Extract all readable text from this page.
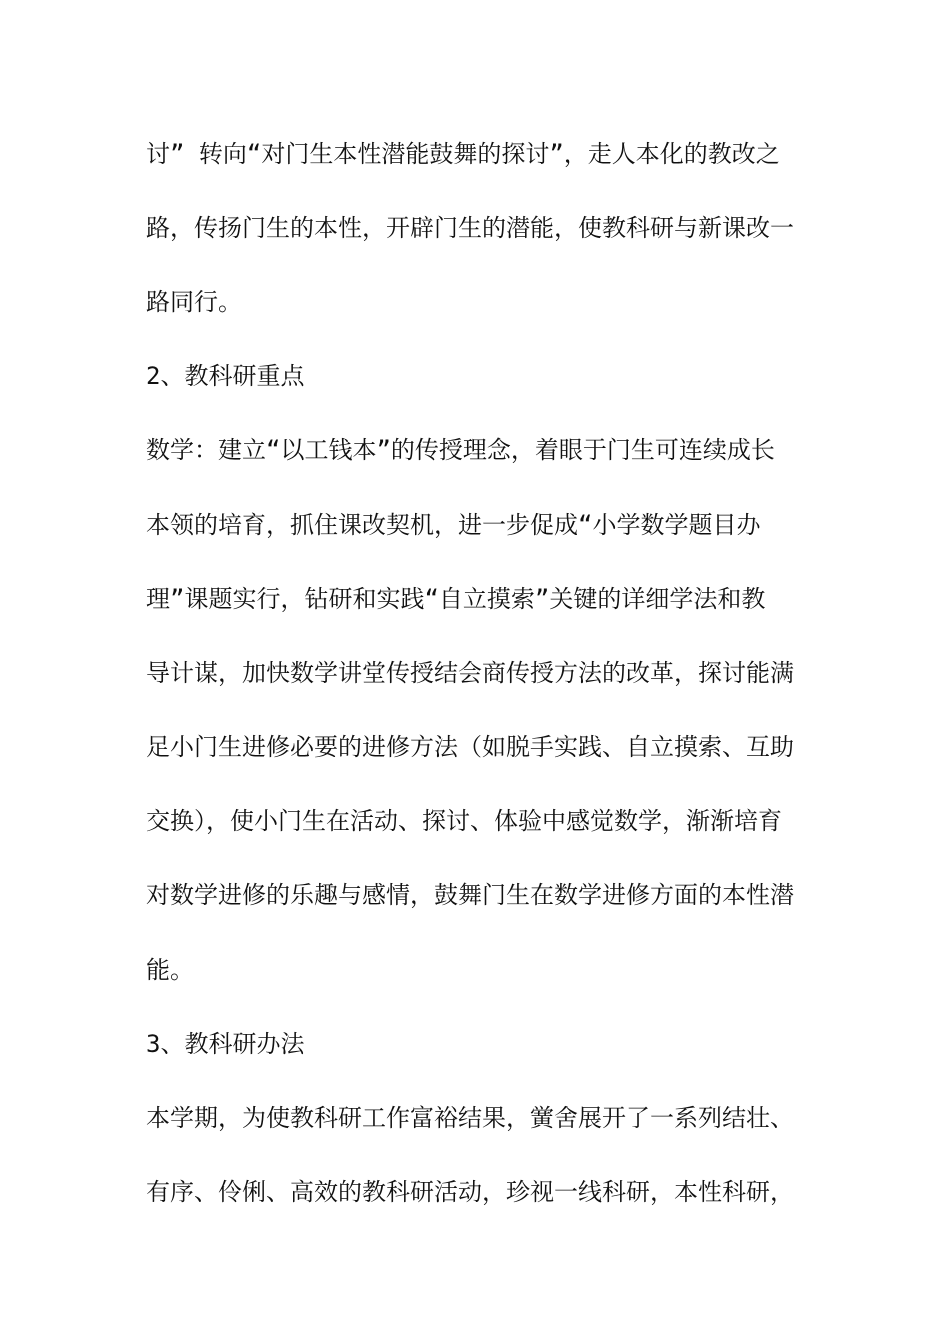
讨” 转向“对门生本性潜能鼓舞的探讨”，走人本化的教改之
路，传扬门生的本性，开辟门生的潜能，使教科研与新课改一
路同行。
2、教科研重点
数学：建立“以工钱本”的传授理念，着眼于门生可连续成长
本领的培育，抓住课改契机，进一步促成“小学数学题目办
理”课题实行，钻研和实践“自立摸索”关键的详细学法和教
导计谋，加快数学讲堂传授结会商传授方法的改革，探讨能满
足小门生进修必要的进修方法（如脱手实践、自立摸索、互助
交换），使小门生在活动、探讨、体验中感觉数学，渐渐培育
对数学进修的乐趣与感情，鼓舞门生在数学进修方面的本性潜
能。
3、教科研办法
本学期，为使教科研工作富裕结果，黉舍展开了一系列结壮、
有序、伶俐、高效的教科研活动，珍视一线科研，本性科研，
